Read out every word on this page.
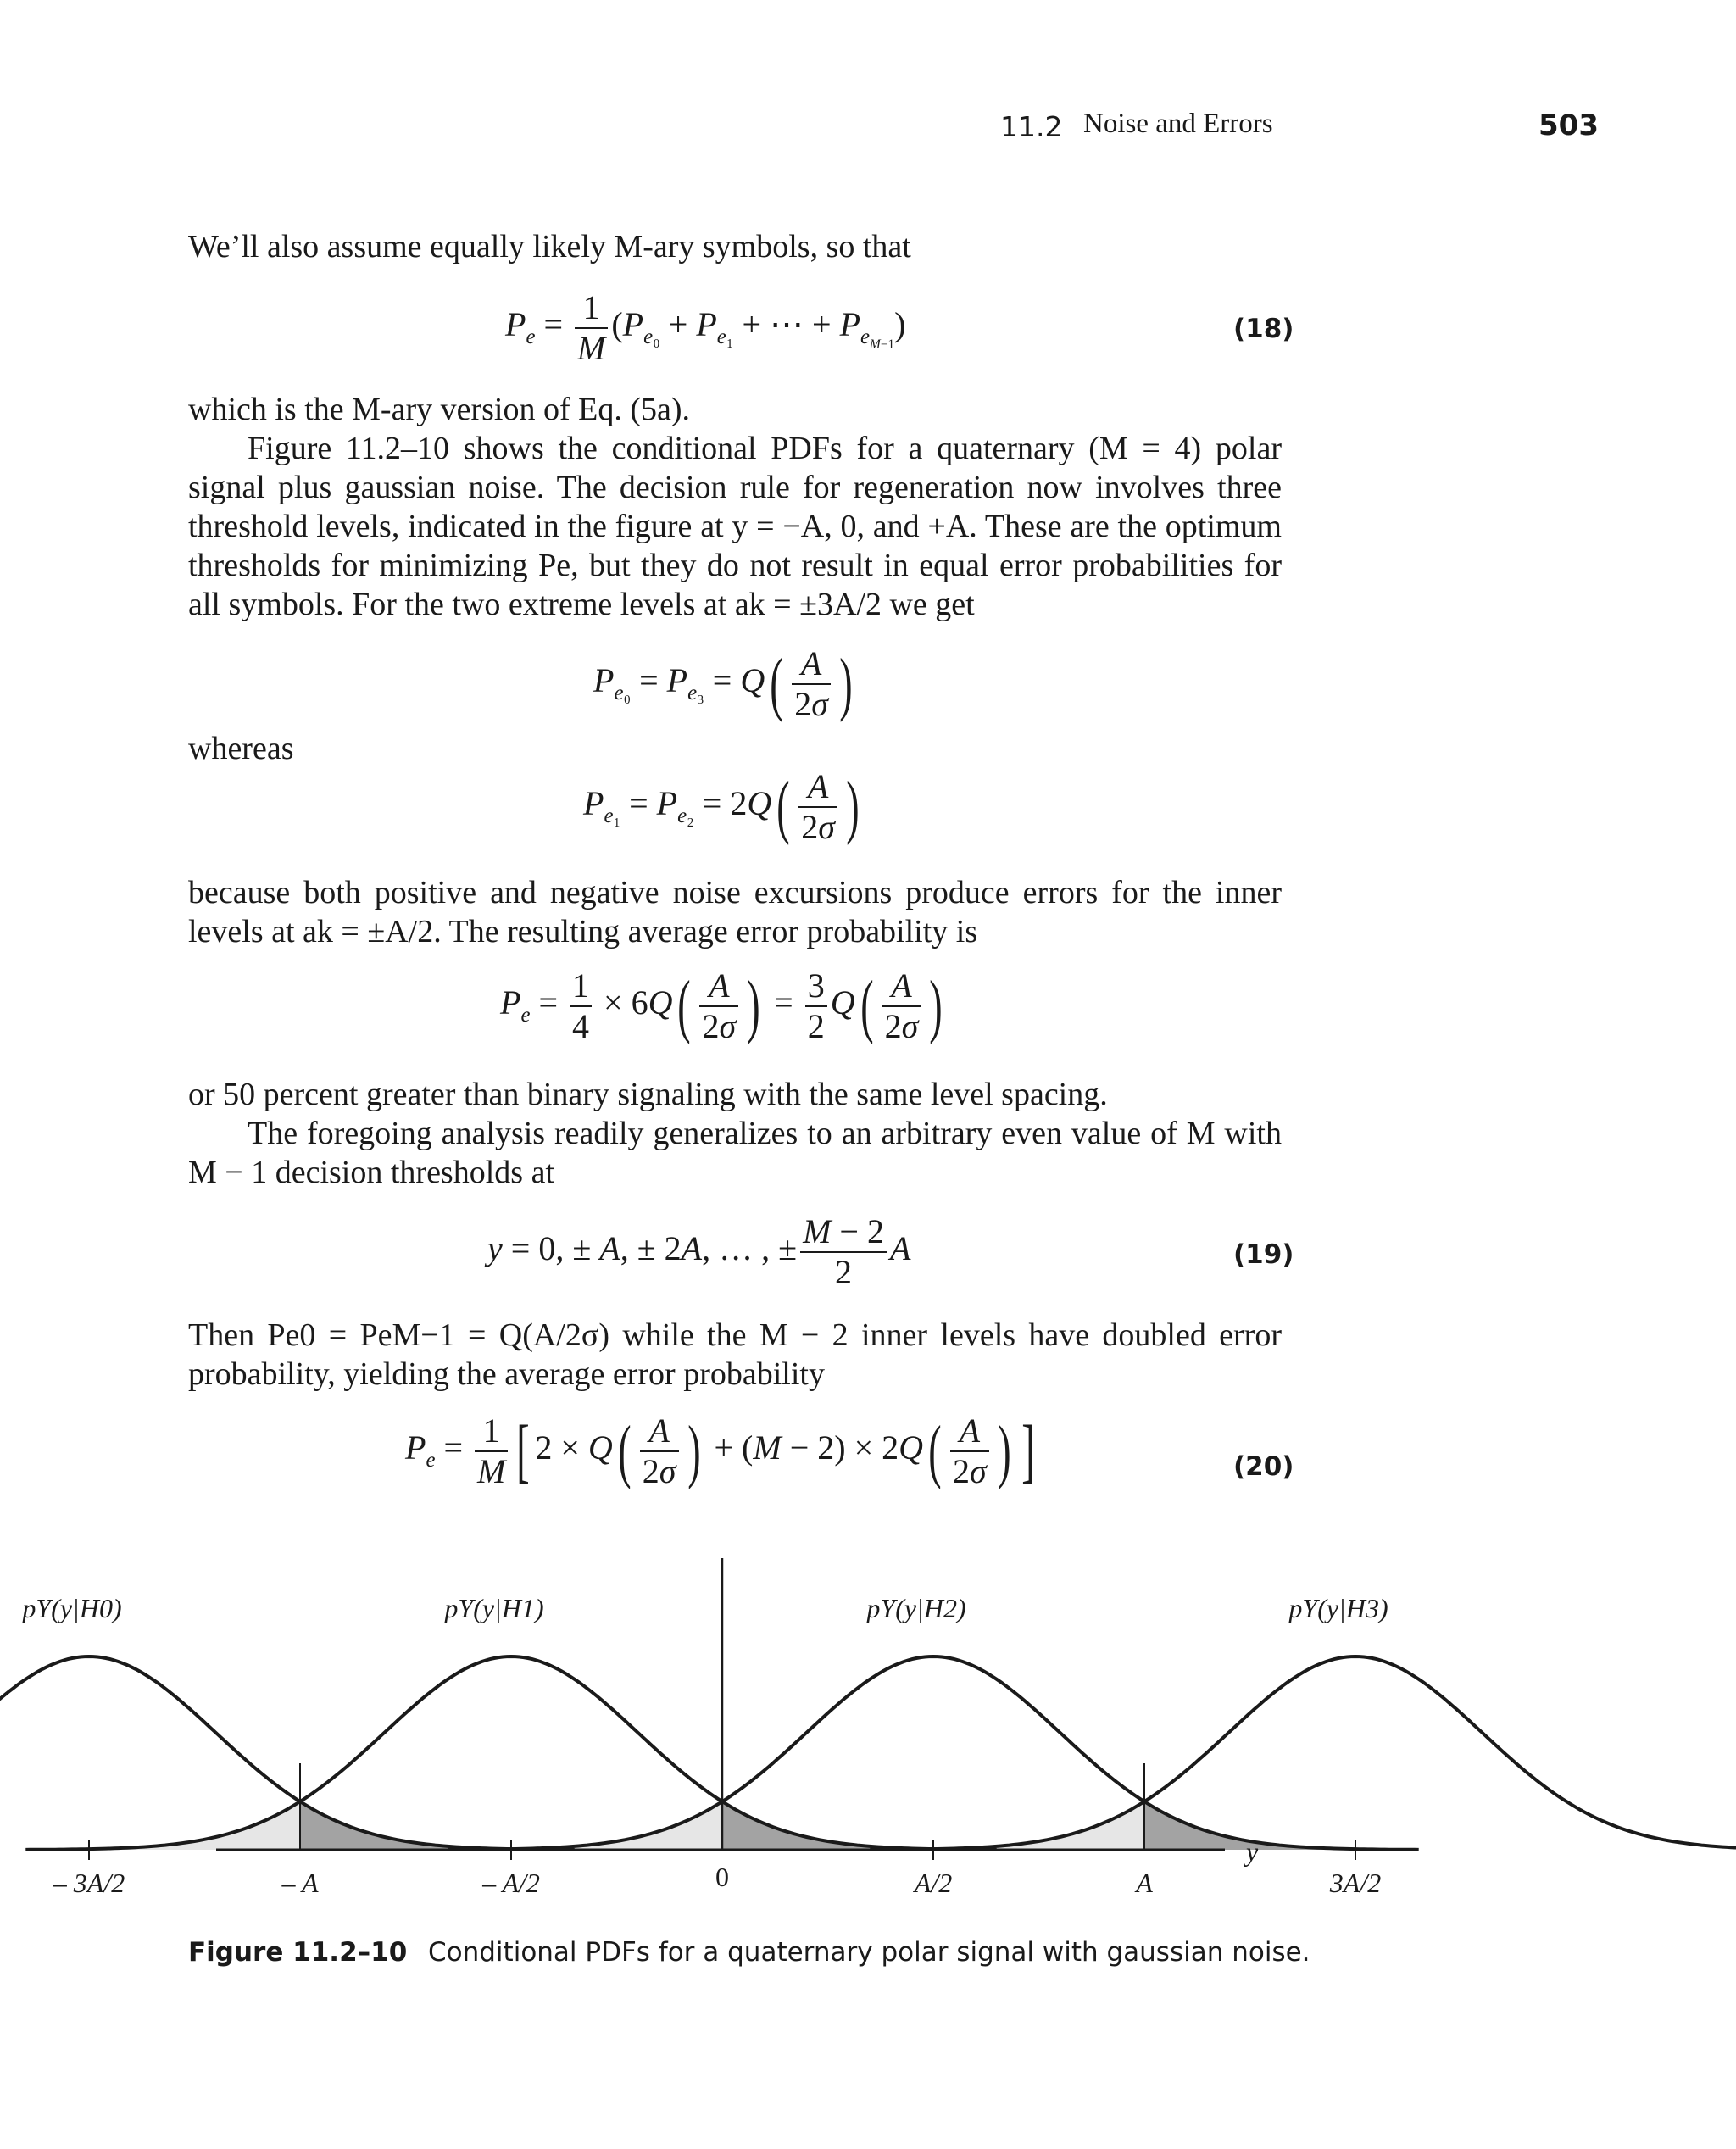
11.2 Noise and Errors	503

We’ll also assume equally likely M-ary symbols, so that

$P_e = \frac{1}{M} (P_{e_0} + P_{e_1}$ + ⋯ + $P_{e_{M-1}}$)	(18)

which is the M-ary version of Eq. (5a).

Figure 11.2–10 shows the conditional PDFs for a quaternary (M = 4) polar signal plus gaussian noise. The decision rule for regeneration now involves three threshold levels, indicated in the figure at y = −A, 0, and +A. These are the optimum thresholds for minimizing Pe, but they do not result in equal error probabilities for all symbols. For the two extreme levels at ak = ±3A/2 we get

$P_{e_0} = P_{e_3} = Q( \frac{A}{2\sigma}$ )

whereas

$P_{e_1} = P_{e_2} = 2Q( \frac{A}{2\sigma}$ )

because both positive and negative noise excursions produce errors for the inner levels at ak = ±A/2. The resulting average error probability is

$P_e = \frac{1}{4} \times 6Q( \frac{A}{2\sigma}$ ) = $\frac{3}{2} Q( \frac{A}{2\sigma}$ )

or 50 percent greater than binary signaling with the same level spacing.

The foregoing analysis readily generalizes to an arbitrary even value of M with M − 1 decision thresholds at

y = 0, ± A, ± 2A, … , ± $\frac{M - 2}{2}$ A	(19)

Then Pe0 = PeM−1 = Q(A/2σ) while the M − 2 inner levels have doubled error probability, yielding the average error probability

$P_e = \frac{1}{M}$ [ $2 \times Q( \frac{A}{2\sigma}$ ) + $(M - 2) \times 2Q( \frac{A}{2\sigma}$ ) ]	(20)
– 3A/2	– A	– A/2	A/2	A	3A/2
0
y
pY(y|H0)	pY(y|H1)	pY(y|H2)	pY(y|H3)
Figure 11.2–10 Conditional PDFs for a quaternary polar signal with gaussian noise.
